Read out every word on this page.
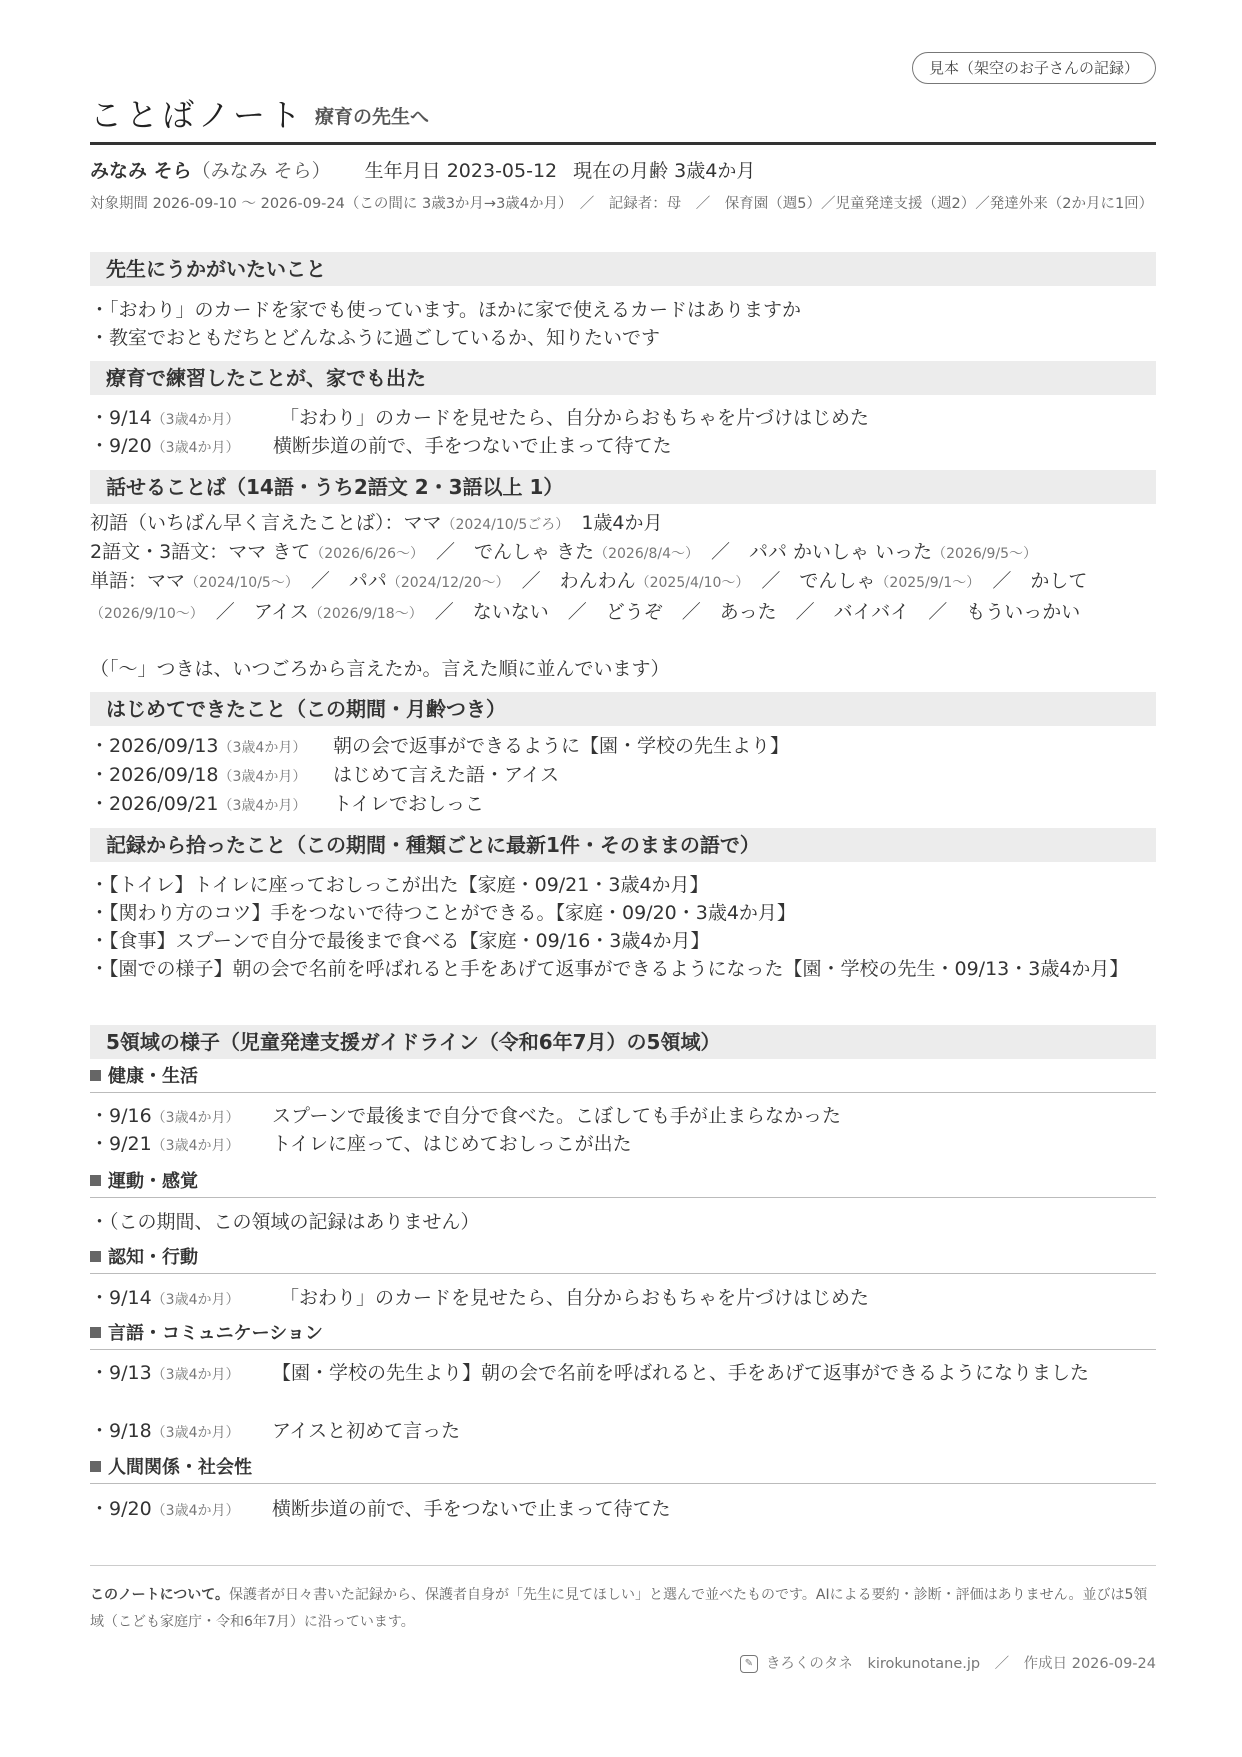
見本（架空のお子さんの記録）
ことばノート 療育の先生へ
みなみ そら（みなみ そら） 生年月日 2023-05-12 現在の月齢 3歳4か月
対象期間 2026-09-10 〜 2026-09-24（この間に 3歳3か月→3歳4か月）　／　記録者：母　／　保育園（週5）／児童発達支援（週2）／発達外来（2か月に1回）
先生にうかがいたいこと
・「おわり」のカードを家でも使っています。ほかに家で使えるカードはありますか
・教室でおともだちとどんなふうに過ごしているか、知りたいです
療育で練習したことが、家でも出た
・9/14（3歳4か月） 「おわり」のカードを見せたら、自分からおもちゃを片づけはじめた
・9/20（3歳4か月） 横断歩道の前で、手をつないで止まって待てた
話せることば（14語・うち2語文 2・3語以上 1）
初語（いちばん早く言えたことば）：ママ（2024/10/5ごろ）　 1歳4か月
2語文・3語文：ママ きて（2026/6/26〜）　／　でんしゃ きた（2026/8/4〜）　／　パパ かいしゃ いった（2026/9/5〜）
単語：ママ（2024/10/5〜）　／　パパ（2024/12/20〜）　／　わんわん（2025/4/10〜）　／　でんしゃ（2025/9/1〜）　／　かして（2026/9/10〜）　／　アイス（2026/9/18〜）　／　ないない　／　どうぞ　／　あった　／　バイバイ　／　もういっかい
（「〜」つきは、いつごろから言えたか。言えた順に並んでいます）
はじめてできたこと（この期間・月齢つき）
・2026/09/13（3歳4か月） 朝の会で返事ができるように【園・学校の先生より】
・2026/09/18（3歳4か月） はじめて言えた語・アイス
・2026/09/21（3歳4か月） トイレでおしっこ
記録から拾ったこと（この期間・種類ごとに最新1件・そのままの語で）
・【トイレ】トイレに座っておしっこが出た【家庭・09/21・3歳4か月】
・【関わり方のコツ】手をつないで待つことができる。【家庭・09/20・3歳4か月】
・【食事】スプーンで自分で最後まで食べる【家庭・09/16・3歳4か月】
・【園での様子】朝の会で名前を呼ばれると手をあげて返事ができるようになった【園・学校の先生・09/13・3歳4か月】
5領域の様子（児童発達支援ガイドライン（令和6年7月）の5領域）
健康・生活
・9/16（3歳4か月） スプーンで最後まで自分で食べた。こぼしても手が止まらなかった
・9/21（3歳4か月） トイレに座って、はじめておしっこが出た
運動・感覚
・（この期間、この領域の記録はありません）
認知・行動
・9/14（3歳4か月） 「おわり」のカードを見せたら、自分からおもちゃを片づけはじめた
言語・コミュニケーション
・9/13（3歳4か月） 【園・学校の先生より】朝の会で名前を呼ばれると、手をあげて返事ができるようになりました
・9/18（3歳4か月） アイスと初めて言った
人間関係・社会性
・9/20（3歳4か月） 横断歩道の前で、手をつないで止まって待てた
このノートについて。保護者が日々書いた記録から、保護者自身が「先生に見てほしい」と選んで並べたものです。AIによる要約・診断・評価はありません。並びは5領域（こども家庭庁・令和6年7月）に沿っています。
✎ きろくのタネ　 kirokunotane.jp　 ／　 作成日 2026-09-24
